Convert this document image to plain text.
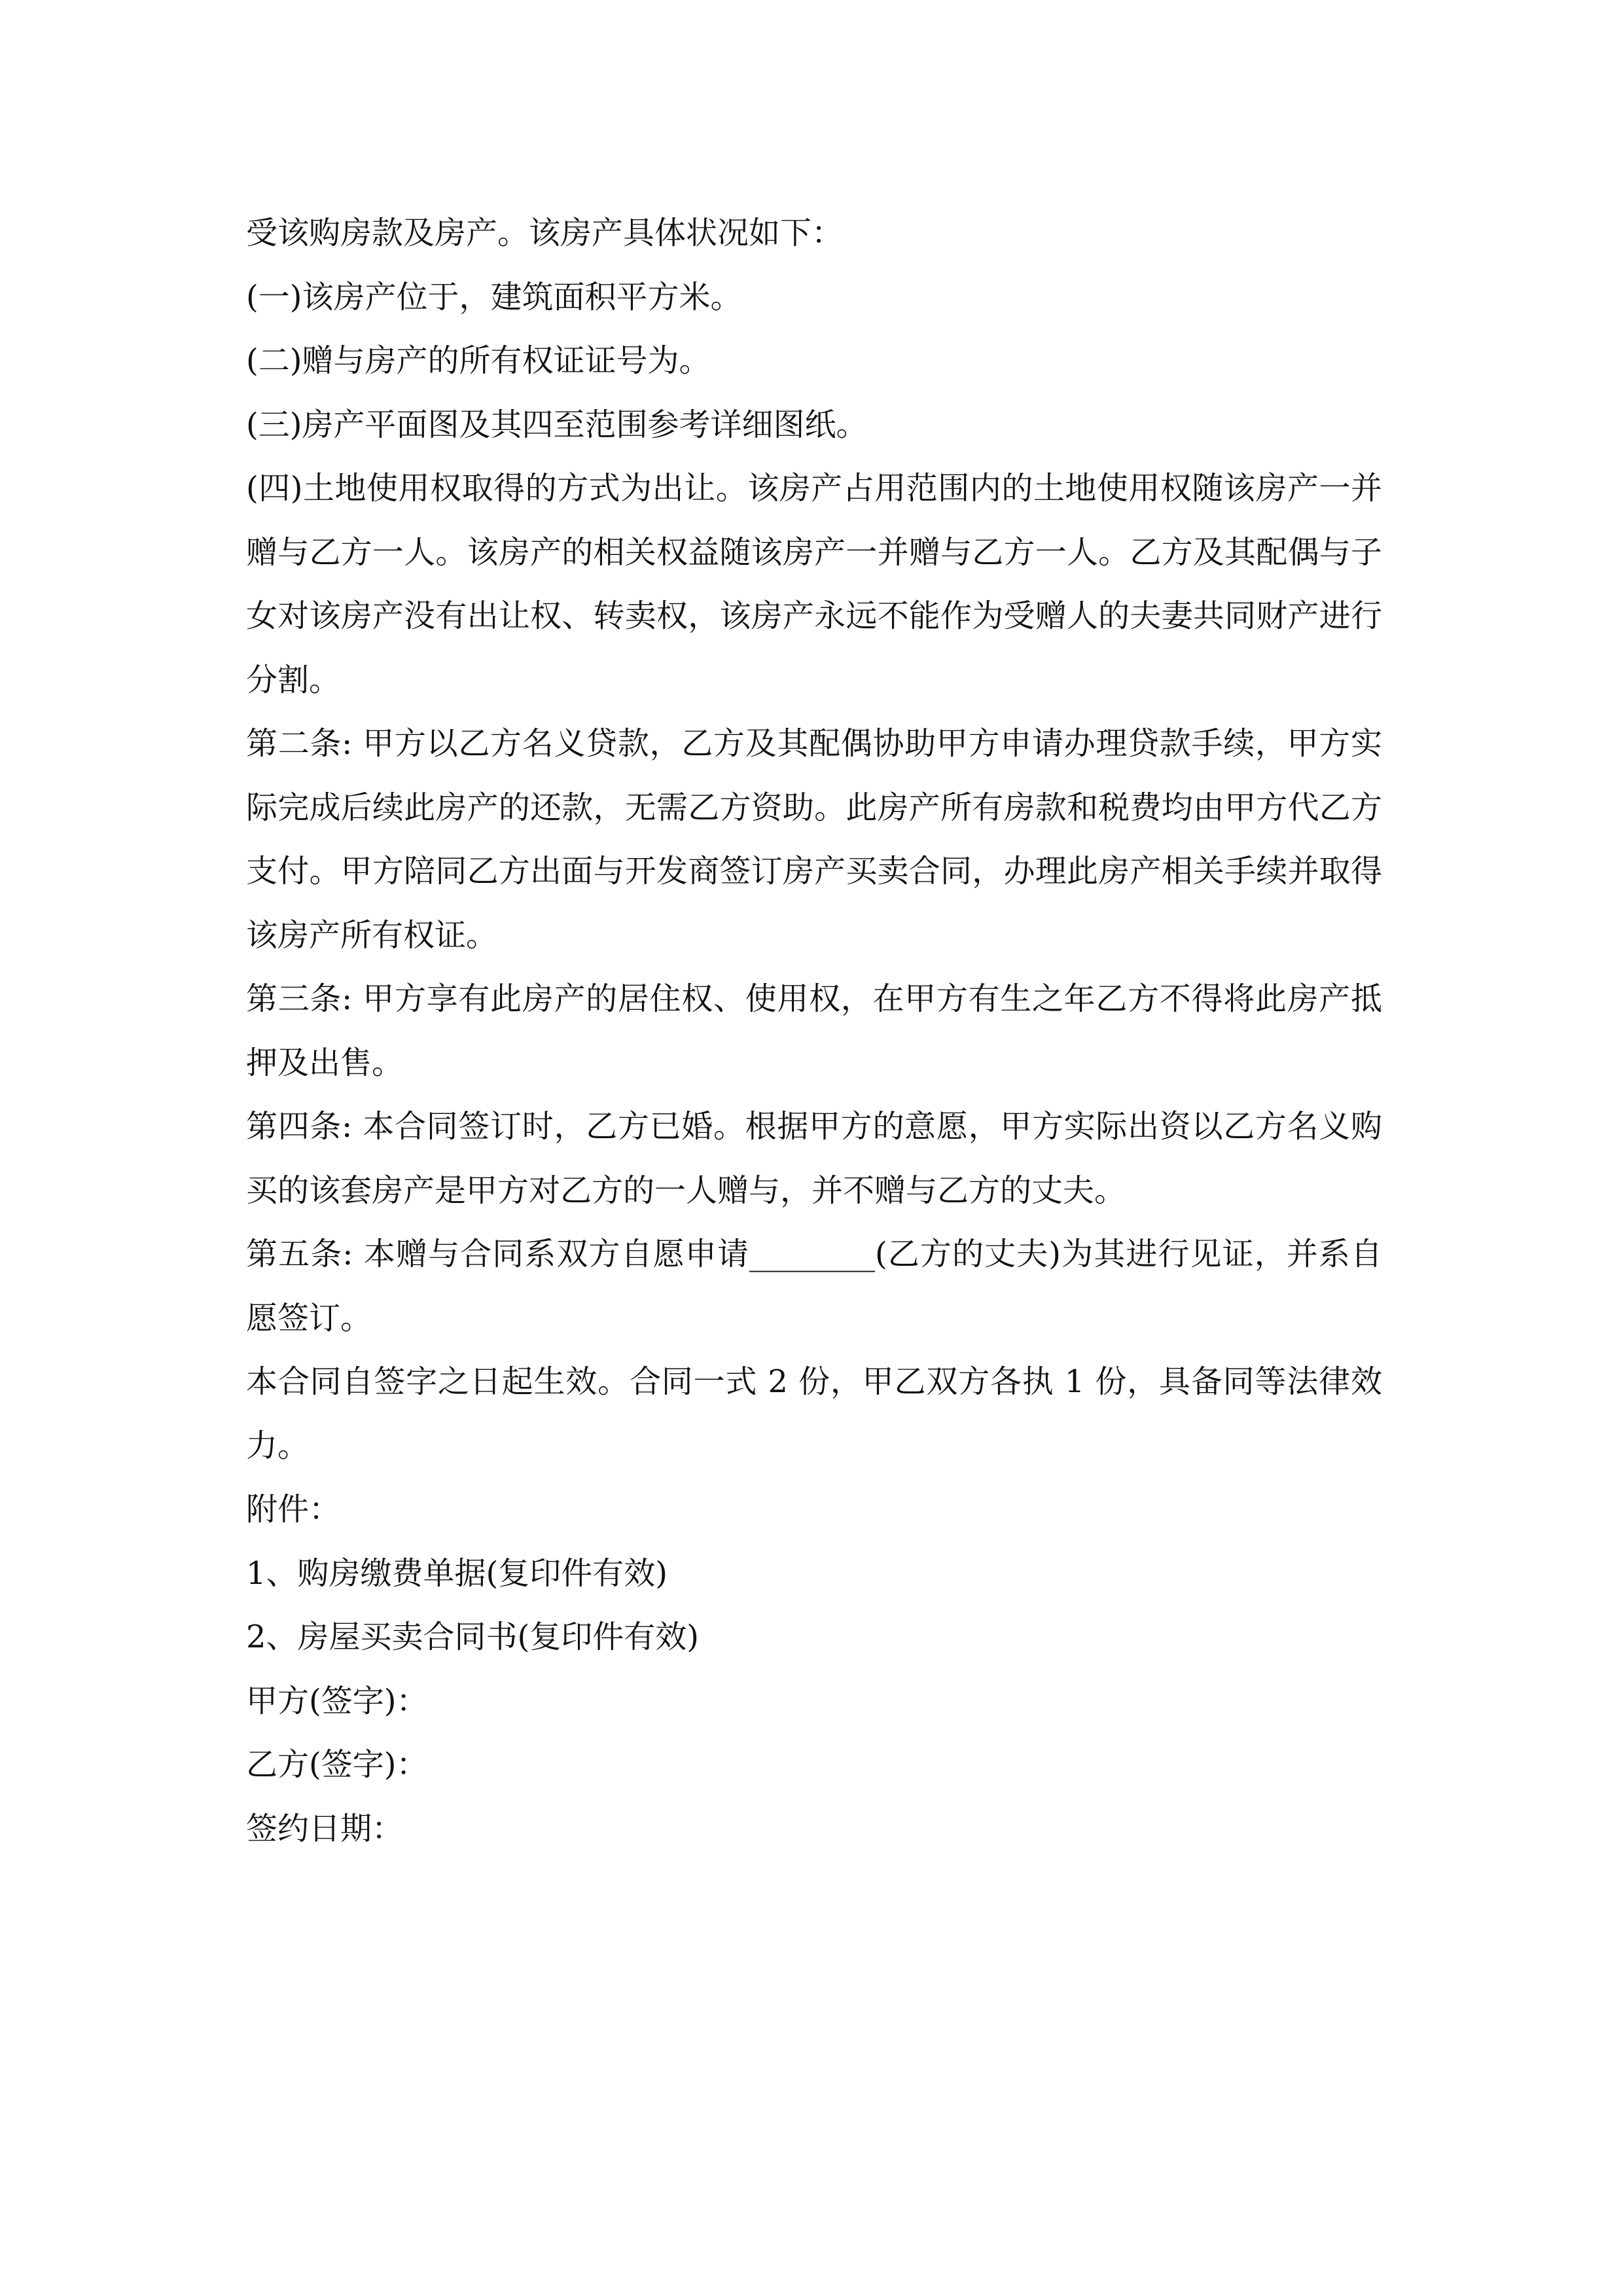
受该购房款及房产。该房产具体状况如下：

(一)该房产位于，建筑面积平方米。

(二)赠与房产的所有权证证号为。

(三)房产平面图及其四至范围参考详细图纸。

(四)土地使用权取得的方式为出让。该房产占用范围内的土地使用权随该房产一并赠与乙方一人。该房产的相关权益随该房产一并赠与乙方一人。乙方及其配偶与子女对该房产没有出让权、转卖权，该房产永远不能作为受赠人的夫妻共同财产进行分割。

第二条: 甲方以乙方名义贷款，乙方及其配偶协助甲方申请办理贷款手续，甲方实际完成后续此房产的还款，无需乙方资助。此房产所有房款和税费均由甲方代乙方支付。甲方陪同乙方出面与开发商签订房产买卖合同，办理此房产相关手续并取得该房产所有权证。

第三条: 甲方享有此房产的居住权、使用权，在甲方有生之年乙方不得将此房产抵押及出售。

第四条: 本合同签订时，乙方已婚。根据甲方的意愿，甲方实际出资以乙方名义购买的该套房产是甲方对乙方的一人赠与，并不赠与乙方的丈夫。

第五条: 本赠与合同系双方自愿申请________(乙方的丈夫)为其进行见证，并系自愿签订。

本合同自签字之日起生效。合同一式 2 份，甲乙双方各执 1 份，具备同等法律效力。

附件：

1、购房缴费单据(复印件有效)

2、房屋买卖合同书(复印件有效)

甲方(签字)：

乙方(签字)：

签约日期：
